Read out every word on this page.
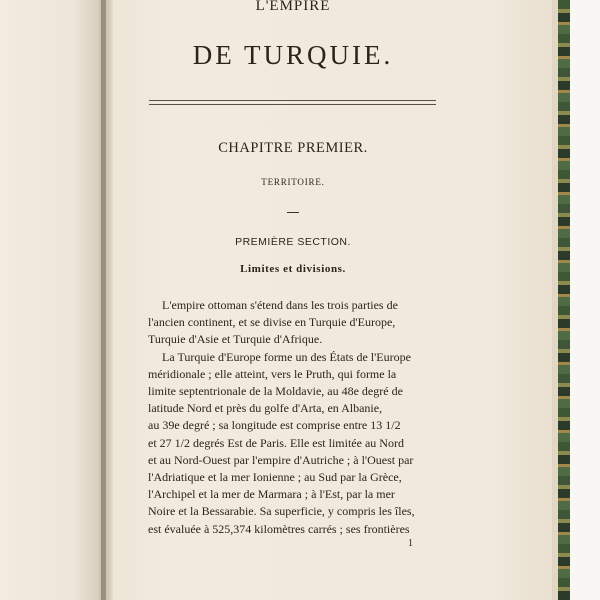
L'EMPIRE
DE TURQUIE.
CHAPITRE PREMIER.
TERRITOIRE.
PREMIÈRE SECTION.
Limites et divisions.
L'empire ottoman s'étend dans les trois parties de
l'ancien continent, et se divise en Turquie d'Europe,
Turquie d'Asie et Turquie d'Afrique.
La Turquie d'Europe forme un des États de l'Europe
méridionale ; elle atteint, vers le Pruth, qui forme la
limite septentrionale de la Moldavie, au 48e degré de
latitude Nord et près du golfe d'Arta, en Albanie,
au 39e degré ; sa longitude est comprise entre 13 1/2
et 27 1/2 degrés Est de Paris. Elle est limitée au Nord
et au Nord-Ouest par l'empire d'Autriche ; à l'Ouest par
l'Adriatique et la mer Ionienne ; au Sud par la Grèce,
l'Archipel et la mer de Marmara ; à l'Est, par la mer
Noire et la Bessarabie. Sa superficie, y compris les îles,
est évaluée à 525,374 kilomètres carrés ; ses frontières
1
